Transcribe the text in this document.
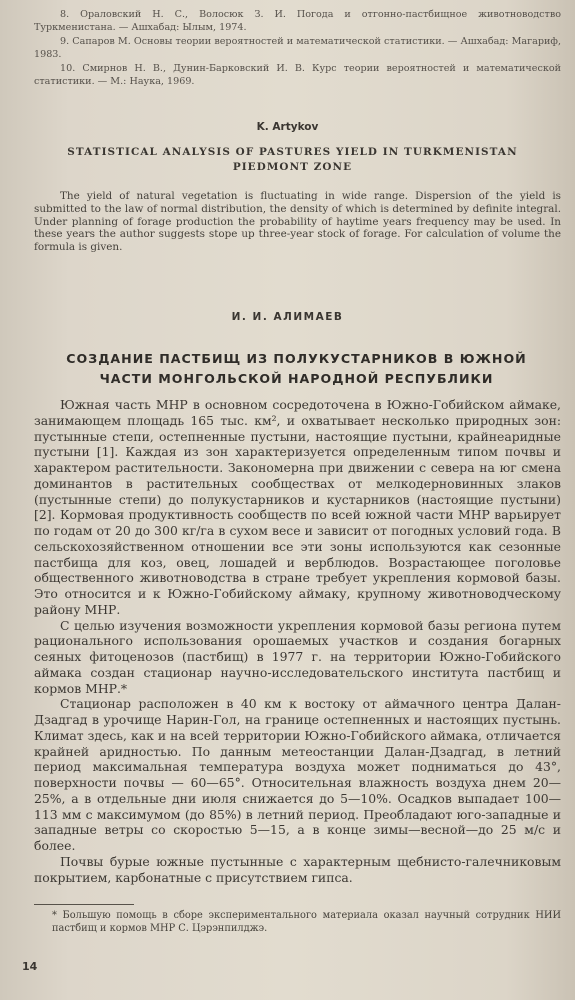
8. Ораловский Н. С., Волосюк З. И. Погода и отгонно-пастбищное животноводство Туркменистана. — Ашхабад: Ылым, 1974.

9. Сапаров М. Основы теории вероятностей и математической статистики. — Ашхабад: Магариф, 1983.

10. Смирнов Н. В., Дунин-Барковский И. В. Курс теории вероятностей и математической статистики. — М.: Наука, 1969.

K. Artykov
STATISTICAL ANALYSIS OF PASTURES YIELD IN TURKMENISTAN PIEDMONT ZONE
The yield of natural vegetation is fluctuating in wide range. Dispersion of the yield is submitted to the law of normal distribution, the density of which is determined by definite integral. Under planning of forage production the probability of haytime years frequency may be used. In these years the author suggests stope up three-year stock of forage. For calculation of volume the formula is given.
И. И. АЛИМАЕВ
СОЗДАНИЕ ПАСТБИЩ ИЗ ПОЛУКУСТАРНИКОВ В ЮЖНОЙ ЧАСТИ МОНГОЛЬСКОЙ НАРОДНОЙ РЕСПУБЛИКИ

Южная часть МНР в основном сосредоточена в Южно-Гобийском аймаке, занимающем площадь 165 тыс. км², и охватывает несколько природных зон: пустынные степи, остепненные пустыни, настоящие пустыни, крайнеаридные пустыни [1]. Каждая из зон характеризуется определенным типом почвы и характером растительности. Закономерна при движении с севера на юг смена доминантов в растительных сообществах от мелкодерновинных злаков (пустынные степи) до полукустарников и кустарников (настоящие пустыни) [2]. Кормовая продуктивность сообществ по всей южной части МНР варьирует по годам от 20 до 300 кг/га в сухом весе и зависит от погодных условий года. В сельскохозяйственном отношении все эти зоны используются как сезонные пастбища для коз, овец, лошадей и верблюдов. Возрастающее поголовье общественного животноводства в стране требует укрепления кормовой базы. Это относится и к Южно-Гобийскому аймаку, крупному животноводческому району МНР.

С целью изучения возможности укрепления кормовой базы региона путем рационального использования орошаемых участков и создания богарных сеяных фитоценозов (пастбищ) в 1977 г. на территории Южно-Гобийского аймака создан стационар научно-исследовательского института пастбищ и кормов МНР.*

Стационар расположен в 40 км к востоку от аймачного центра Далан-Дзадгад в урочище Нарин-Гол, на границе остепненных и настоящих пустынь. Климат здесь, как и на всей территории Южно-Гобийского аймака, отличается крайней аридностью. По данным метеостанции Далан-Дзадгад, в летний период максимальная температура воздуха может подниматься до 43°, поверхности почвы — 60—65°. Относительная влажность воздуха днем 20—25%, а в отдельные дни июля снижается до 5—10%. Осадков выпадает 100—113 мм с максимумом (до 85%) в летний период. Преобладают юго-западные и западные ветры со скоростью 5—15, а в конце зимы—весной—до 25 м/с и более.

Почвы бурые южные пустынные с характерным щебнисто-галечниковым покрытием, карбонатные с присутствием гипса.

* Большую помощь в сборе экспериментального материала оказал научный сотрудник НИИ пастбищ и кормов МНР С. Цэрэнпилджэ.
14
